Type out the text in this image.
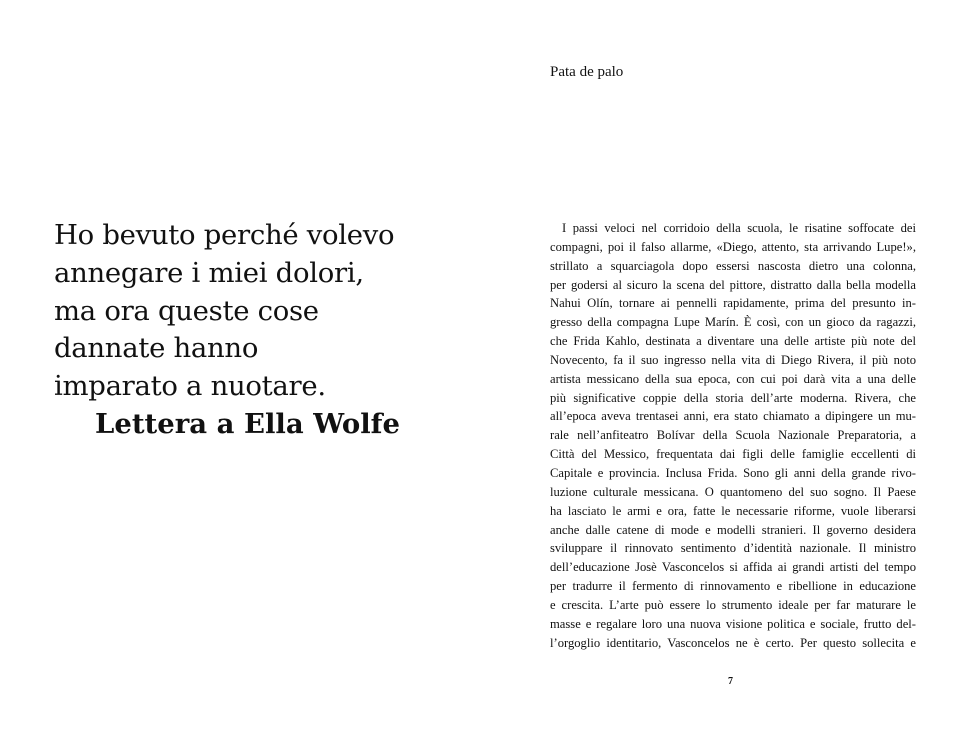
Ho bevuto perché volevo
annegare i miei dolori,
ma ora queste cose
dannate hanno
imparato a nuotare.
Lettera a Ella Wolfe
Pata de palo
I passi veloci nel corridoio della scuola, le risatine soffocate dei
compagni, poi il falso allarme, «Diego, attento, sta arrivando Lupe!»,
strillato a squarciagola dopo essersi nascosta dietro una colonna,
per godersi al sicuro la scena del pittore, distratto dalla bella modella
Nahui Olín, tornare ai pennelli rapidamente, prima del presunto in-
gresso della compagna Lupe Marín. È così, con un gioco da ragazzi,
che Frida Kahlo, destinata a diventare una delle artiste più note del
Novecento, fa il suo ingresso nella vita di Diego Rivera, il più noto
artista messicano della sua epoca, con cui poi darà vita a una delle
più significative coppie della storia dell’arte moderna. Rivera, che
all’epoca aveva trentasei anni, era stato chiamato a dipingere un mu-
rale nell’anfiteatro Bolívar della Scuola Nazionale Preparatoria, a
Città del Messico, frequentata dai figli delle famiglie eccellenti di
Capitale e provincia. Inclusa Frida. Sono gli anni della grande rivo-
luzione culturale messicana. O quantomeno del suo sogno. Il Paese
ha lasciato le armi e ora, fatte le necessarie riforme, vuole liberarsi
anche dalle catene di mode e modelli stranieri. Il governo desidera
sviluppare il rinnovato sentimento d’identità nazionale. Il ministro
dell’educazione Josè Vasconcelos si affida ai grandi artisti del tempo
per tradurre il fermento di rinnovamento e ribellione in educazione
e crescita. L’arte può essere lo strumento ideale per far maturare le
masse e regalare loro una nuova visione politica e sociale, frutto del-
l’orgoglio identitario, Vasconcelos ne è certo. Per questo sollecita e
7
